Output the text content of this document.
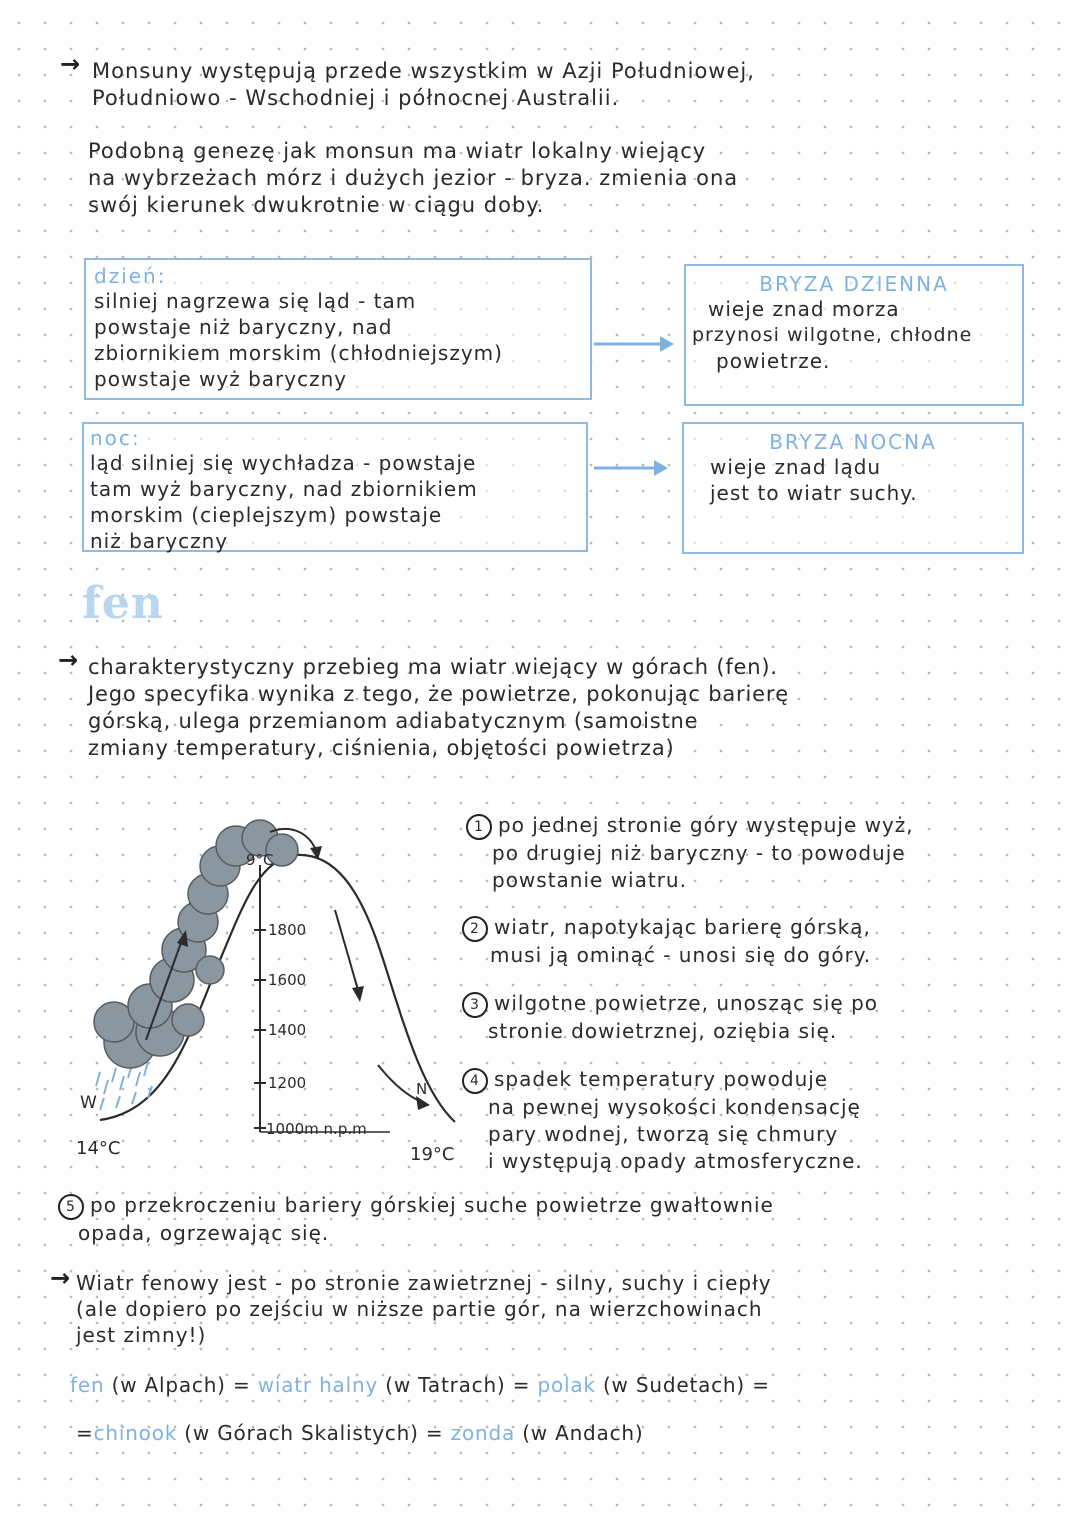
→ Monsuny występują przede wszystkim w Azji Południowej,
Południowo - Wschodniej i północnej Australii.
Podobną genezę jak monsun ma wiatr lokalny wiejący
na wybrzeżach mórz i dużych jezior - bryza. zmienia ona
swój kierunek dwukrotnie w ciągu doby.
dzień:
silniej nagrzewa się ląd - tam
powstaje niż baryczny, nad
zbiornikiem morskim (chłodniejszym)
powstaje wyż baryczny
noc:
ląd silniej się wychładza - powstaje
tam wyż baryczny, nad zbiornikiem
morskim (cieplejszym) powstaje
niż baryczny
BRYZA DZIENNA
wieje znad morza
przynosi wilgotne, chłodne
powietrze.
BRYZA NOCNA
wieje znad lądu
jest to wiatr suchy.
fen
→ charakterystyczny przebieg ma wiatr wiejący w górach (fen).
Jego specyfika wynika z tego, że powietrze, pokonując barierę
górską, ulega przemianom adiabatycznym (samoistne
zmiany temperatury, ciśnienia, objętości powietrza)
9°C
1800
1600
1400
1200
1000m n.p.m
W
N
14°C	19°C
1 po jednej stronie góry występuje wyż,
po drugiej niż baryczny - to powoduje
powstanie wiatru.
2 wiatr, napotykając barierę górską,
musi ją ominąć - unosi się do góry.
3 wilgotne powietrze, unosząc się po
stronie dowietrznej, oziębia się.
4 spadek temperatury powoduje
na pewnej wysokości kondensację
pary wodnej, tworzą się chmury
i występują opady atmosferyczne.
5 po przekroczeniu bariery górskiej suche powietrze gwałtownie
opada, ogrzewając się.
→ Wiatr fenowy jest - po stronie zawietrznej - silny, suchy i ciepły
(ale dopiero po zejściu w niższe partie gór, na wierzchowinach
jest zimny!)
fen (w Alpach) = wiatr halny (w Tatrach) = polak (w Sudetach) =
=chinook (w Górach Skalistych) = zonda (w Andach)
